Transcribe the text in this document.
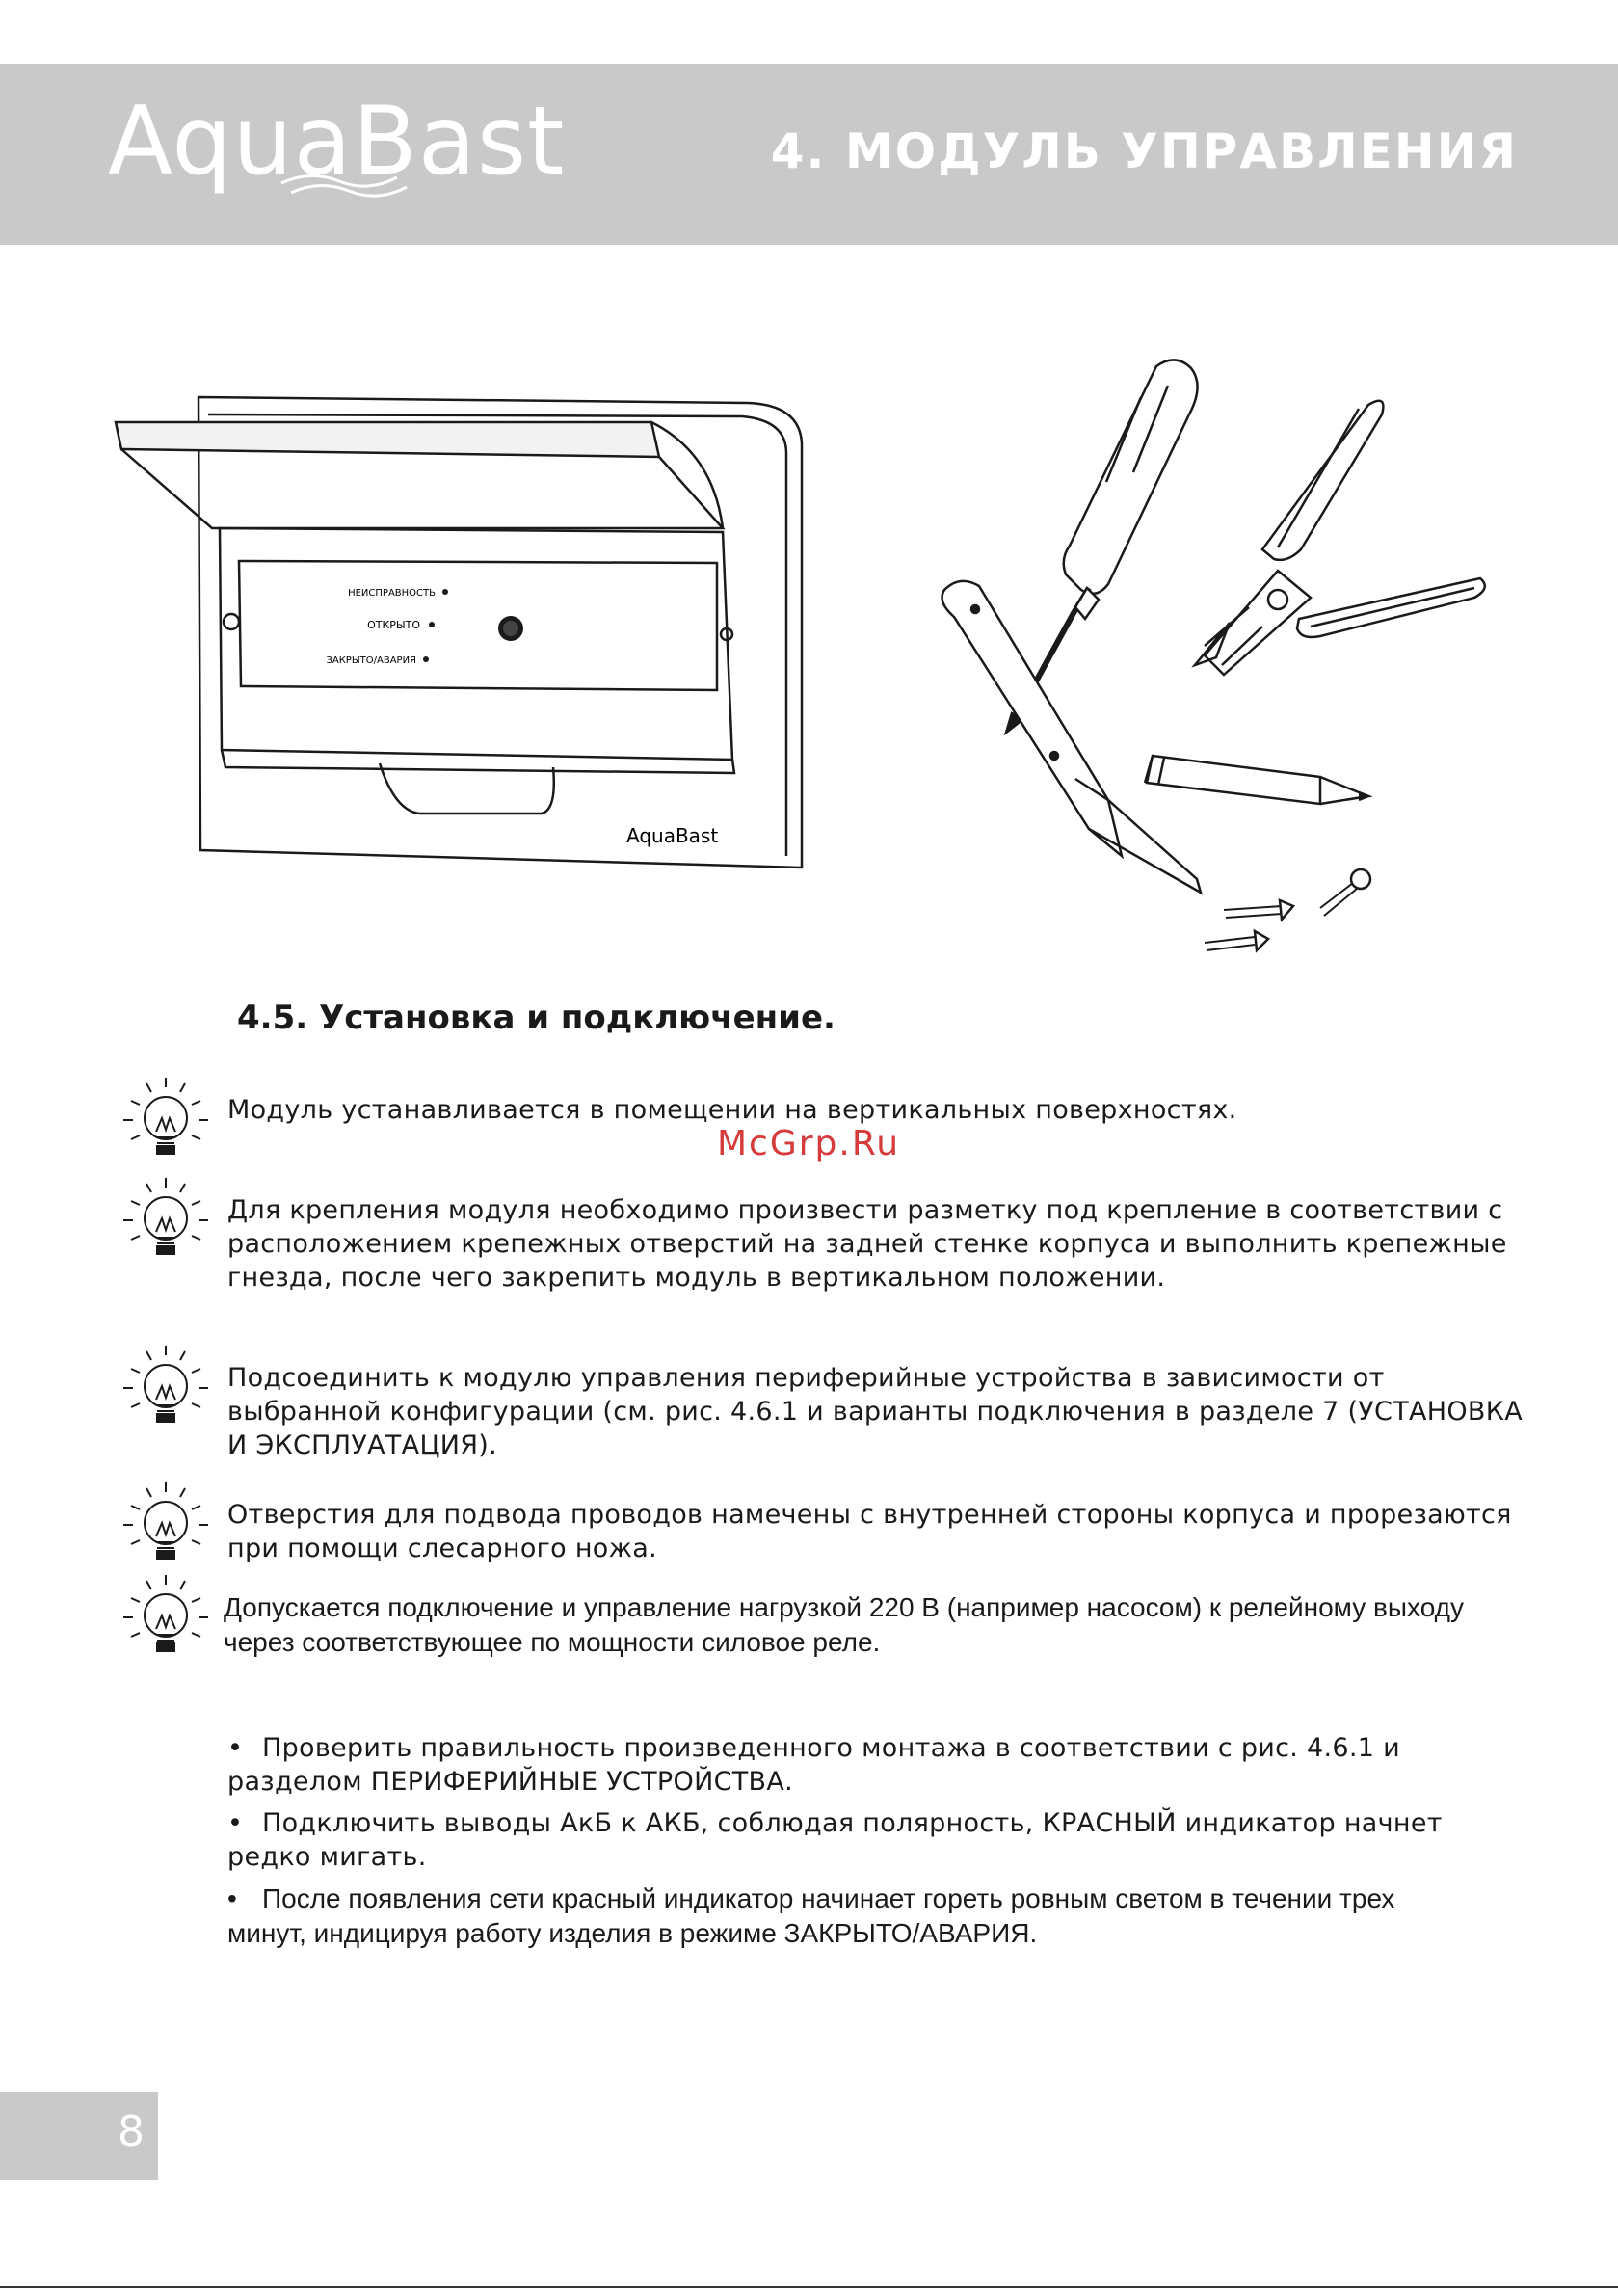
AquaBast	4. МОДУЛЬ УПРАВЛЕНИЯ
НЕИСПРАВНОСТЬ
ОТКРЫТО
ЗАКРЫТО/АВАРИЯ
AquaBast
4.5. Установка и подключение.
McGrp.Ru
Модуль устанавливается в помещении на вертикальных поверхностях.
Для крепления модуля необходимо произвести разметку под крепление в соответствии с расположением крепежных отверстий на задней стенке корпуса и выполнить крепежные гнезда, после чего закрепить модуль в вертикальном положении.
Подсоединить к модулю управления периферийные устройства в зависимости от выбранной конфигурации (см. рис. 4.6.1 и варианты подключения в разделе 7 (УСТАНОВКА И ЭКСПЛУАТАЦИЯ).
Отверстия для подвода проводов намечены с внутренней стороны корпуса и прорезаются при помощи слесарного ножа.
Допускается подключение и управление нагрузкой 220 В (например насосом) к релейному выходу через соответствующее по мощности силовое реле.
• Проверить правильность произведенного монтажа в соответствии с рис. 4.6.1 и разделом ПЕРИФЕРИЙНЫЕ УСТРОЙСТВА.
• Подключить выводы АкБ к АКБ, соблюдая полярность, КРАСНЫЙ индикатор начнет редко мигать.
• После появления сети красный индикатор начинает гореть ровным светом в течении трех минут, индицируя работу изделия в режиме ЗАКРЫТО/АВАРИЯ.
8
